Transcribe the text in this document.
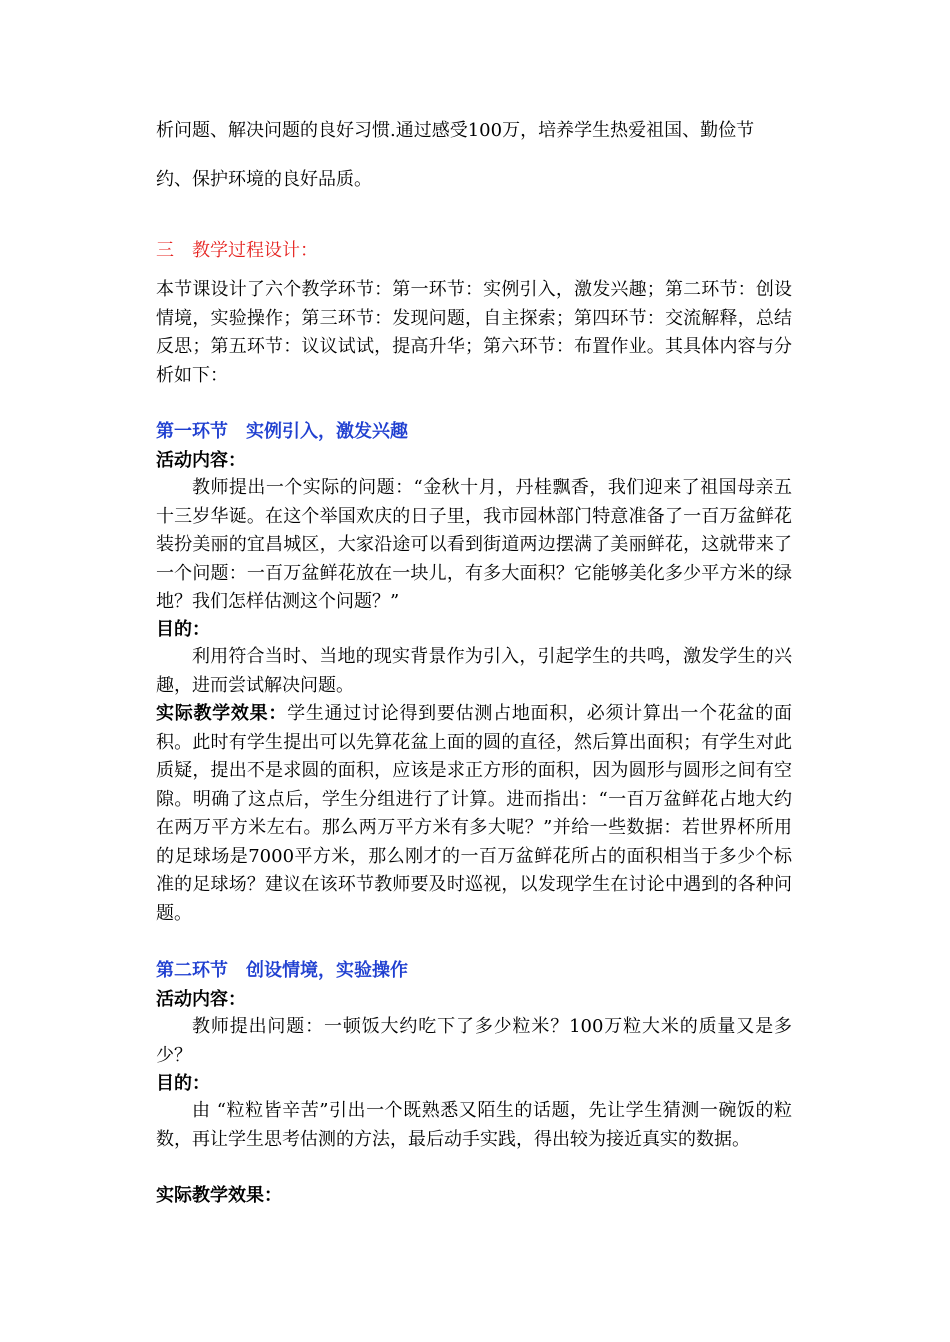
析问题、解决问题的良好习惯.通过感受100万，培养学生热爱祖国、勤俭节
约、保护环境的良好品质。
三　教学过程设计：
本节课设计了六个教学环节：第一环节：实例引入，激发兴趣；第二环节：创设情境，实验操作；第三环节：发现问题，自主探索；第四环节：交流解释，总结反思；第五环节：议议试试，提高升华；第六环节：布置作业。其具体内容与分析如下：
第一环节　实例引入，激发兴趣
活动内容：
教师提出一个实际的问题：“金秋十月，丹桂飘香，我们迎来了祖国母亲五十三岁华诞。在这个举国欢庆的日子里，我市园林部门特意准备了一百万盆鲜花装扮美丽的宜昌城区，大家沿途可以看到街道两边摆满了美丽鲜花，这就带来了一个问题：一百万盆鲜花放在一块儿，有多大面积？它能够美化多少平方米的绿地？我们怎样估测这个问题？”
目的：
利用符合当时、当地的现实背景作为引入，引起学生的共鸣，激发学生的兴趣，进而尝试解决问题。
实际教学效果：学生通过讨论得到要估测占地面积，必须计算出一个花盆的面积。此时有学生提出可以先算花盆上面的圆的直径，然后算出面积；有学生对此质疑，提出不是求圆的面积，应该是求正方形的面积，因为圆形与圆形之间有空隙。明确了这点后，学生分组进行了计算。进而指出：“一百万盆鲜花占地大约在两万平方米左右。那么两万平方米有多大呢？”并给一些数据：若世界杯所用的足球场是7000平方米，那么刚才的一百万盆鲜花所占的面积相当于多少个标准的足球场？建议在该环节教师要及时巡视，以发现学生在讨论中遇到的各种问题。
第二环节　创设情境，实验操作
活动内容：
教师提出问题：一顿饭大约吃下了多少粒米？100万粒大米的质量又是多少？
目的：
由 “粒粒皆辛苦”引出一个既熟悉又陌生的话题，先让学生猜测一碗饭的粒数，再让学生思考估测的方法，最后动手实践，得出较为接近真实的数据。
实际教学效果：
